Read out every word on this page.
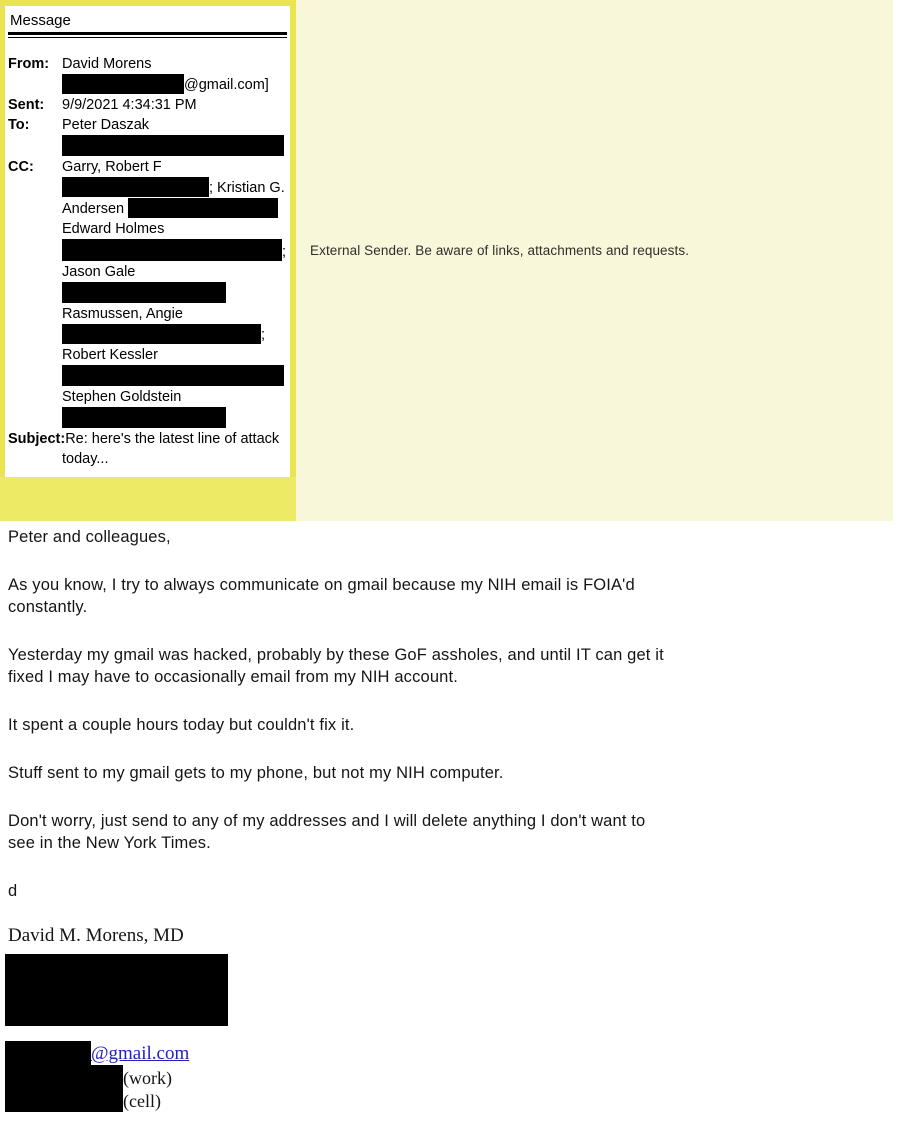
Message
From: David Morens

@gmail.com]
Sent:	9/9/2021 4:34:31 PM
To:	Peter Daszak

CC:	Garry, Robert F

; Kristian G.

Andersen

Edward Holmes

;

Jason Gale

Rasmussen, Angie

;

Robert Kessler

Stephen Goldstein

Subject: Re: here's the latest line of attack

today...
External Sender. Be aware of links, attachments and requests.
Peter and colleagues,
As you know, I try to always communicate on gmail because my NIH email is FOIA'd
constantly.
Yesterday my gmail was hacked, probably by these GoF assholes, and until IT can get it
fixed I may have to occasionally email from my NIH account.
It spent a couple hours today but couldn't fix it.
Stuff sent to my gmail gets to my phone, but not my NIH computer.
Don't worry, just send to any of my addresses and I will delete anything I don't want to
see in the New York Times.
d
David M. Morens, MD
@gmail.com
(work)
(cell)
